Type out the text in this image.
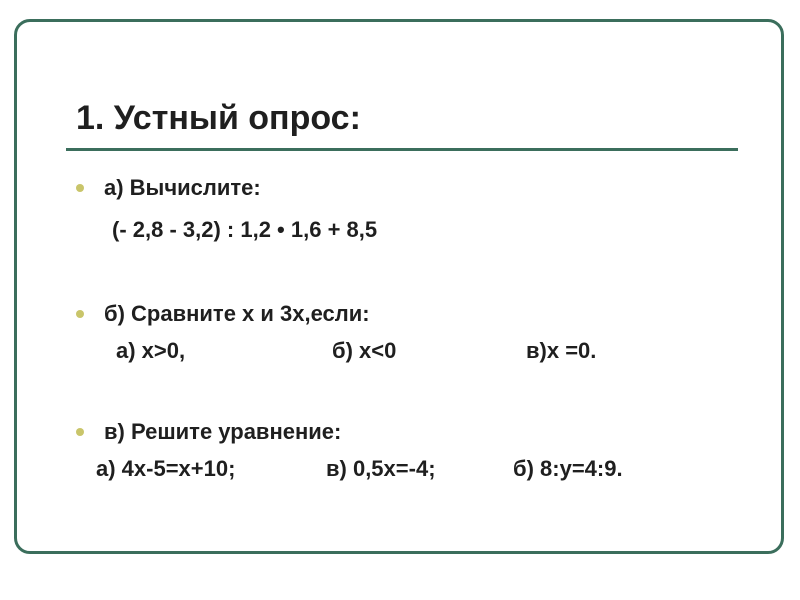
1. Устный опрос:

а) Вычислите:

(- 2,8 - 3,2) : 1,2 • 1,6 + 8,5

б) Сравните x и 3x,если:

а) x>0,	б) x<0	в)x =0.

в) Решите уравнение:

а) 4x-5=x+10;	в) 0,5x=-4;	б) 8:y=4:9.
